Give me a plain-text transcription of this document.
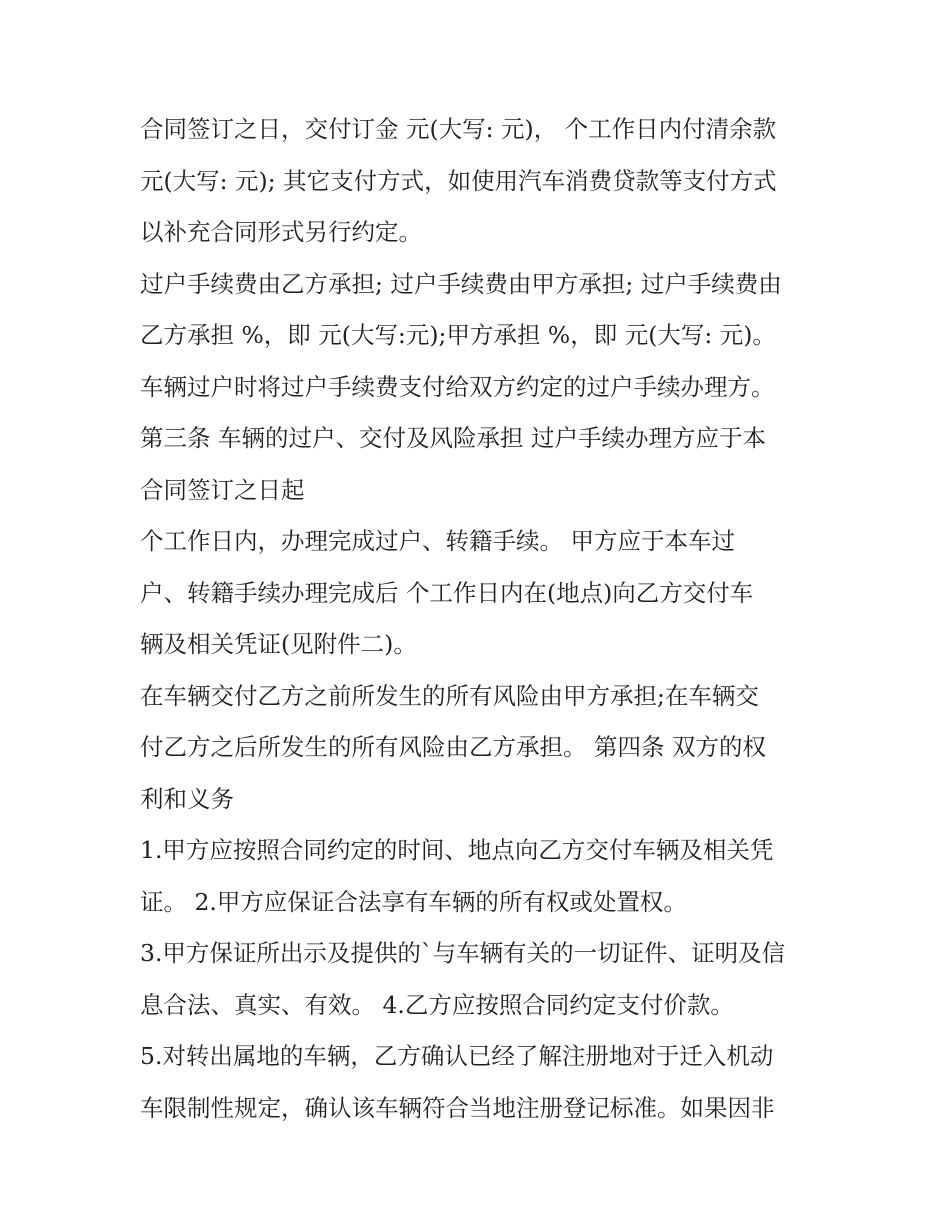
合同签订之日，交付订金 元(大写: 元)， 个工作日内付清余款
元(大写: 元); 其它支付方式，如使用汽车消费贷款等支付方式
以补充合同形式另行约定。
过户手续费由乙方承担; 过户手续费由甲方承担; 过户手续费由
乙方承担 %，即 元(大写:元);甲方承担 %，即 元(大写: 元)。
车辆过户时将过户手续费支付给双方约定的过户手续办理方。
第三条 车辆的过户、交付及风险承担 过户手续办理方应于本
合同签订之日起
个工作日内，办理完成过户、转籍手续。 甲方应于本车过
户、转籍手续办理完成后 个工作日内在(地点)向乙方交付车
辆及相关凭证(见附件二)。
在车辆交付乙方之前所发生的所有风险由甲方承担;在车辆交
付乙方之后所发生的所有风险由乙方承担。 第四条 双方的权
利和义务
1.甲方应按照合同约定的时间、地点向乙方交付车辆及相关凭
证。 2.甲方应保证合法享有车辆的所有权或处置权。
3.甲方保证所出示及提供的`与车辆有关的一切证件、证明及信
息合法、真实、有效。 4.乙方应按照合同约定支付价款。
5.对转出属地的车辆，乙方确认已经了解注册地对于迁入机动
车限制性规定，确认该车辆符合当地注册登记标准。如果因非
